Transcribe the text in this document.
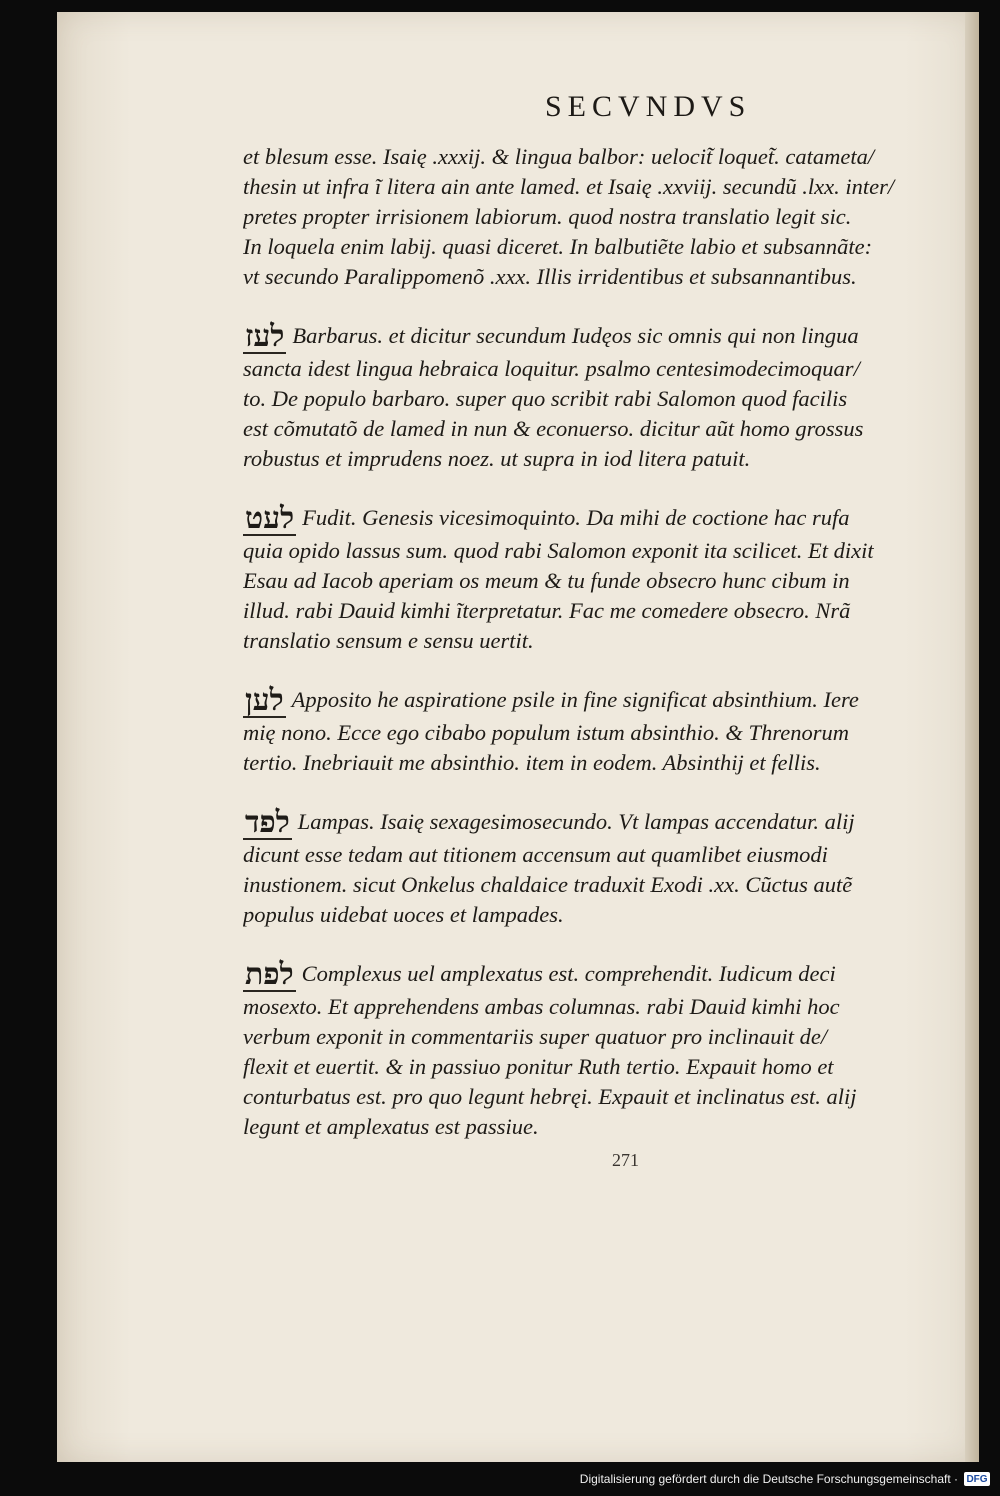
SECVNDVS
et blesum esse. Isaię .xxxij. & lingua balbor: uelocit̃ loquet̃. catameta/
thesin ut infra ĩ litera ain ante lamed. et Isaię .xxviij. secundũ .lxx. inter/
pretes propter irrisionem labiorum. quod nostra translatio legit sic.
In loquela enim labij. quasi diceret. In balbutiẽte labio et subsannãte:
vt secundo Paralippomenõ .xxx. Illis irridentibus et subsannantibus.
לעז Barbarus. et dicitur secundum Iudęos sic omnis qui non lingua
sancta idest lingua hebraica loquitur. psalmo centesimodecimoquar/
to. De populo barbaro. super quo scribit rabi Salomon quod facilis
est cõmutatõ de lamed in nun & econuerso. dicitur aũt homo grossus
robustus et imprudens noez. ut supra in iod litera patuit.
לעט Fudit. Genesis vicesimoquinto. Da mihi de coctione hac rufa
quia opido lassus sum. quod rabi Salomon exponit ita scilicet. Et dixit
Esau ad Iacob aperiam os meum & tu funde obsecro hunc cibum in
illud. rabi Dauid kimhi ĩterpretatur. Fac me comedere obsecro. Nrã
translatio sensum e sensu uertit.
לען Apposito he aspiratione psile in fine significat absinthium. Iere
mię nono. Ecce ego cibabo populum istum absinthio. & Threnorum
tertio. Inebriauit me absinthio. item in eodem. Absinthij et fellis.
לפד Lampas. Isaię sexagesimosecundo. Vt lampas accendatur. alij
dicunt esse tedam aut titionem accensum aut quamlibet eiusmodi
inustionem. sicut Onkelus chaldaice traduxit Exodi .xx. Cũctus autẽ
populus uidebat uoces et lampades.
לפת Complexus uel amplexatus est. comprehendit. Iudicum deci
mosexto. Et apprehendens ambas columnas. rabi Dauid kimhi hoc
verbum exponit in commentariis super quatuor pro inclinauit de/
flexit et euertit. & in passiuo ponitur Ruth tertio. Expauit homo et
conturbatus est. pro quo legunt hebręi. Expauit et inclinatus est. alij
legunt et amplexatus est passiue.
271
Digitalisierung gefördert durch die Deutsche Forschungsgemeinschaft · DFG
